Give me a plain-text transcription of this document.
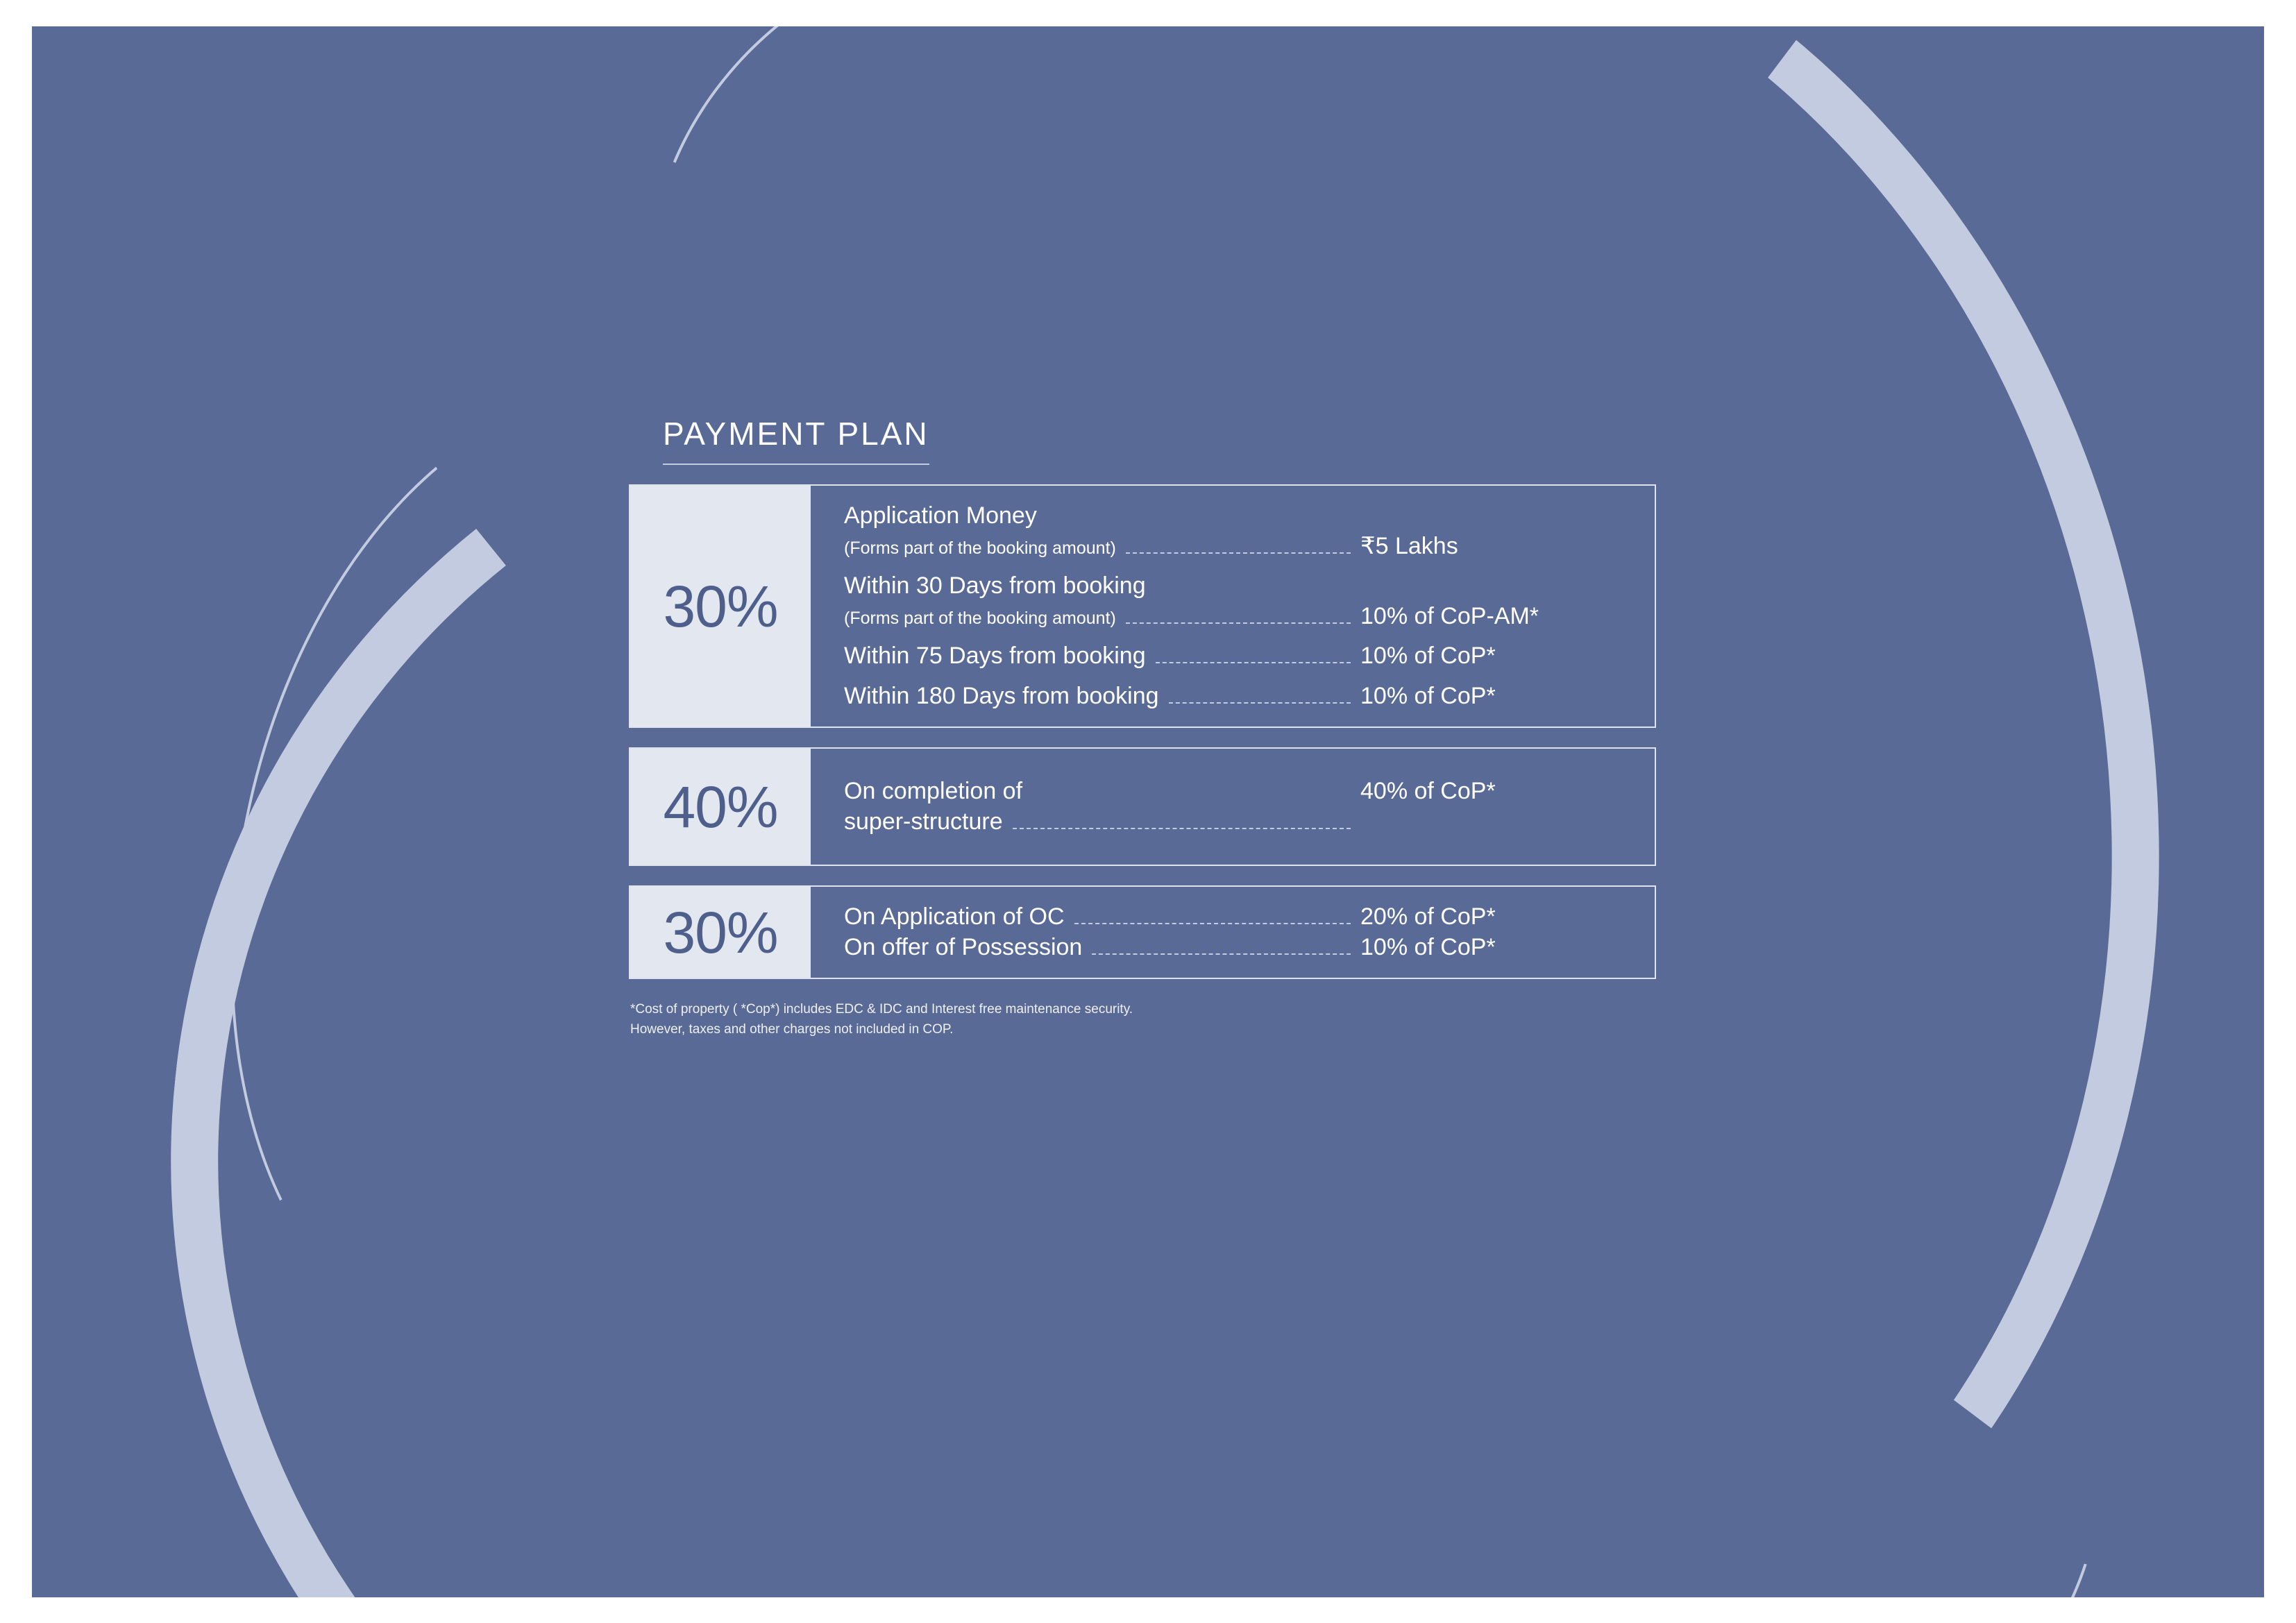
PAYMENT PLAN
30%
Application Money
(Forms part of the booking amount)	₹5 Lakhs
Within 30 Days from booking
(Forms part of the booking amount)	10% of CoP-AM*
Within 75 Days from booking	10% of CoP*
Within 180 Days from booking	10% of CoP*
40%	On completion of	40% of CoP*
super-structure
30%	On Application of OC	20% of CoP*
On offer of Possession	10% of CoP*
*Cost of property ( *Cop*) includes EDC & IDC and Interest free maintenance security.
However, taxes and other charges not included in COP.
